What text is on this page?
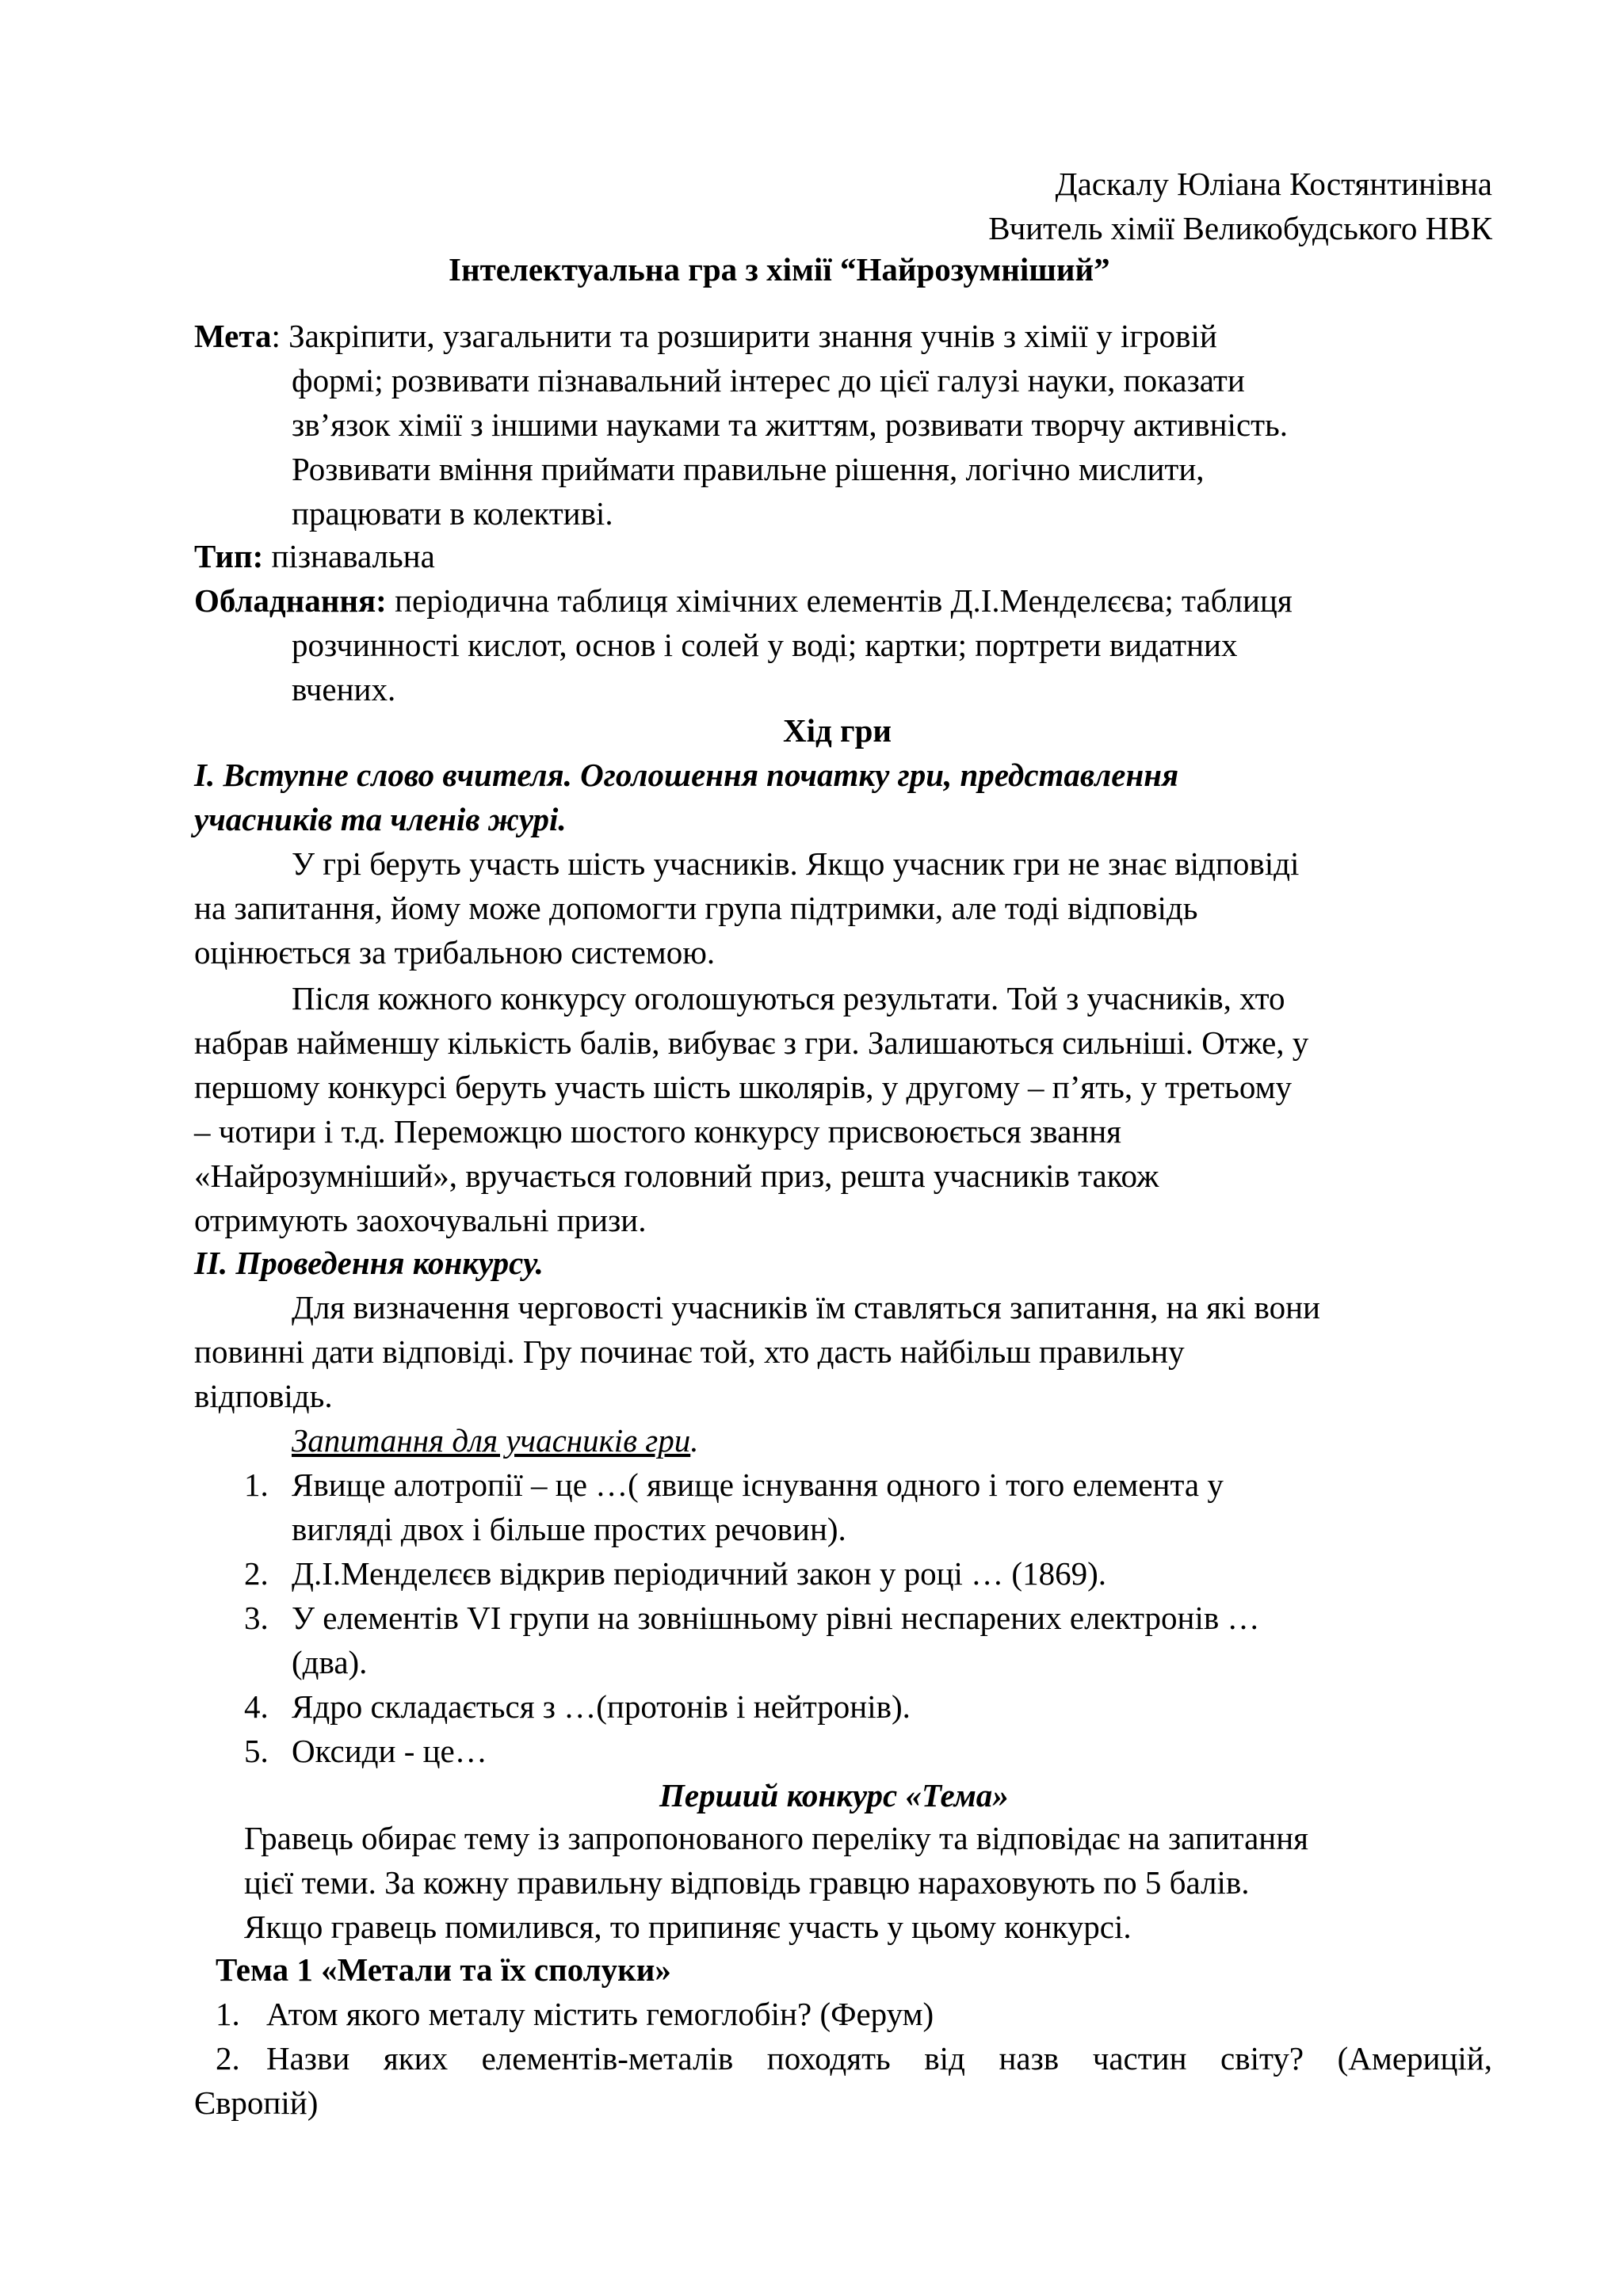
Даскалу Юліана Костянтинівна
Вчитель хімії Великобудського НВК
Інтелектуальна гра з хімії “Найрозумніший”
Мета: Закріпити, узагальнити та розширити знання учнів з хімії у ігровій
формі; розвивати пізнавальний інтерес до цієї галузі науки, показати
зв’язок хімії з іншими науками та життям, розвивати творчу активність.
Розвивати вміння приймати правильне рішення, логічно мислити,
працювати в колективі.
Тип: пізнавальна
Обладнання: періодична таблиця хімічних елементів Д.І.Менделєєва; таблиця
розчинності кислот, основ і солей у воді; картки; портрети видатних
вчених.
Хід гри
І. Вступне слово вчителя. Оголошення початку гри, представлення
учасників та членів журі.
У грі беруть участь шість учасників. Якщо учасник гри не знає відповіді
на запитання, йому може допомогти група підтримки, але тоді відповідь
оцінюється за трибальною системою.
Після кожного конкурсу оголошуються результати. Той з учасників, хто
набрав найменшу кількість балів, вибуває з гри. Залишаються сильніші. Отже, у
першому конкурсі беруть участь шість школярів, у другому – п’ять, у третьому
– чотири і т.д. Переможцю шостого конкурсу присвоюється звання
«Найрозумніший», вручається головний приз, решта учасників також
отримують заохочувальні призи.
ІІ. Проведення конкурсу.
Для визначення черговості учасників їм ставляться запитання, на які вони
повинні дати відповіді. Гру починає той, хто дасть найбільш правильну
відповідь.
Запитання для учасників гри.
1. Явище алотропії – це …( явище існування одного і того елемента у
вигляді двох і більше простих речовин).
2. Д.І.Менделєєв відкрив періодичний закон у році … (1869).
3. У елементів VI групи на зовнішньому рівні неспарених електронів …
(два).
4. Ядро складається з …(протонів і нейтронів).
5. Оксиди - це…
Перший конкурс «Тема»
Гравець обирає тему із запропонованого переліку та відповідає на запитання
цієї теми. За кожну правильну відповідь гравцю нараховують по 5 балів.
Якщо гравець помилився, то припиняє участь у цьому конкурсі.
Тема 1 «Метали та їх сполуки»
1. Атом якого металу містить гемоглобін? (Ферум)
2. Назви яких елементів-металів походять від назв частин світу? (Америцій,
Європій)
